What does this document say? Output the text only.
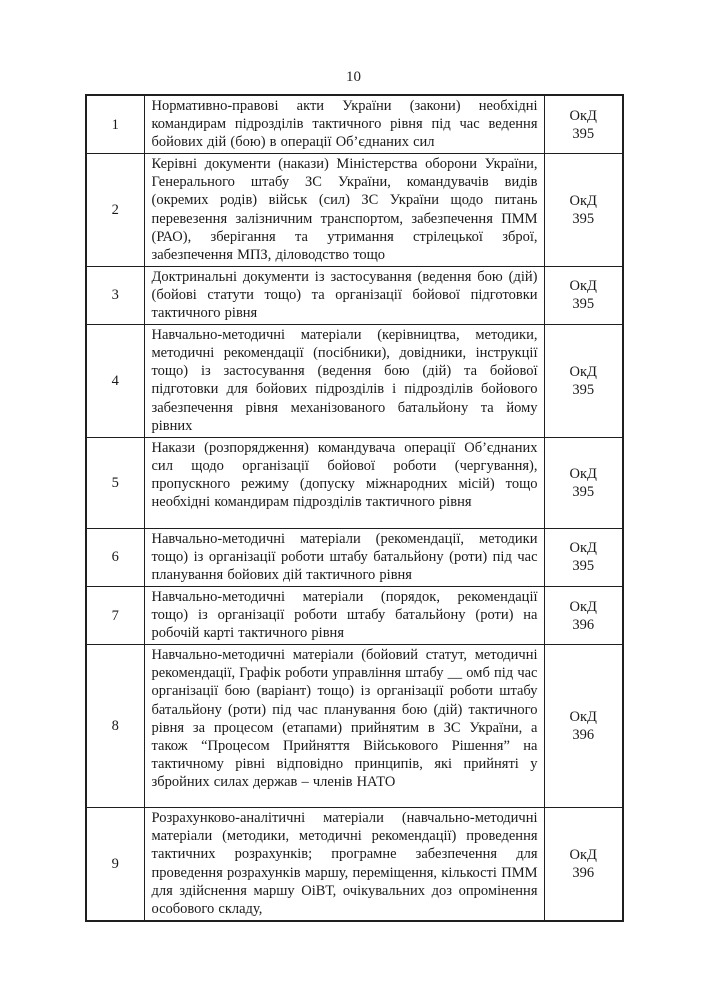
10
1	Нормативно-правові акти України (закони) необхідні командирам підрозділів тактичного рівня під час ведення бойових дій (бою) в операції Об’єднаних сил	ОкД
395

2	Керівні документи (накази) Міністерства оборони України, Генерального штабу ЗС України, командувачів видів (окремих родів) військ (сил) ЗС України щодо питань перевезення залізничним транспортом, забезпечення ПММ (РАО), зберігання та утримання стрілецької зброї, забезпечення МПЗ, діловодство тощо	ОкД
395

3	Доктринальні документи із застосування (ведення бою (дій) (бойові статути тощо) та організації бойової підготовки тактичного рівня	ОкД
395

4	Навчально-методичні матеріали (керівництва, методики, методичні рекомендації (посібники), довідники, інструкції тощо) із застосування (ведення бою (дій) та бойової підготовки для бойових підрозділів і підрозділів бойового забезпечення рівня механізованого батальйону та йому рівних	ОкД
395

5	Накази (розпорядження) командувача операції Об’єднаних сил щодо організації бойової роботи (чергування), пропускного режиму (допуску міжнародних місій) тощо необхідні командирам підрозділів тактичного рівня	ОкД
395

6	Навчально-методичні матеріали (рекомендації, методики тощо) із організації роботи штабу батальйону (роти) під час планування бойових дій тактичного рівня	ОкД
395

7	Навчально-методичні матеріали (порядок, рекомендації тощо) із організації роботи штабу батальйону (роти) на робочій карті тактичного рівня	ОкД
396

8	Навчально-методичні матеріали (бойовий статут, методичні рекомендації, Графік роботи управління штабу __ омб під час організації бою (варіант) тощо) із організації роботи штабу батальйону (роти) під час планування бою (дій) тактичного рівня за процесом (етапами) прийнятим в ЗС України, а також “Процесом Прийняття Військового Рішення” на тактичному рівні відповідно принципів, які прийняті у збройних силах держав – членів НАТО	ОкД
396

9	Розрахунково-аналітичні матеріали (навчально-методичні матеріали (методики, методичні рекомендації) проведення тактичних розрахунків; програмне забезпечення для проведення розрахунків маршу, переміщення, кількості ПММ для здійснення маршу ОіВТ, очікувальних доз опромінення особового складу,	ОкД
396
